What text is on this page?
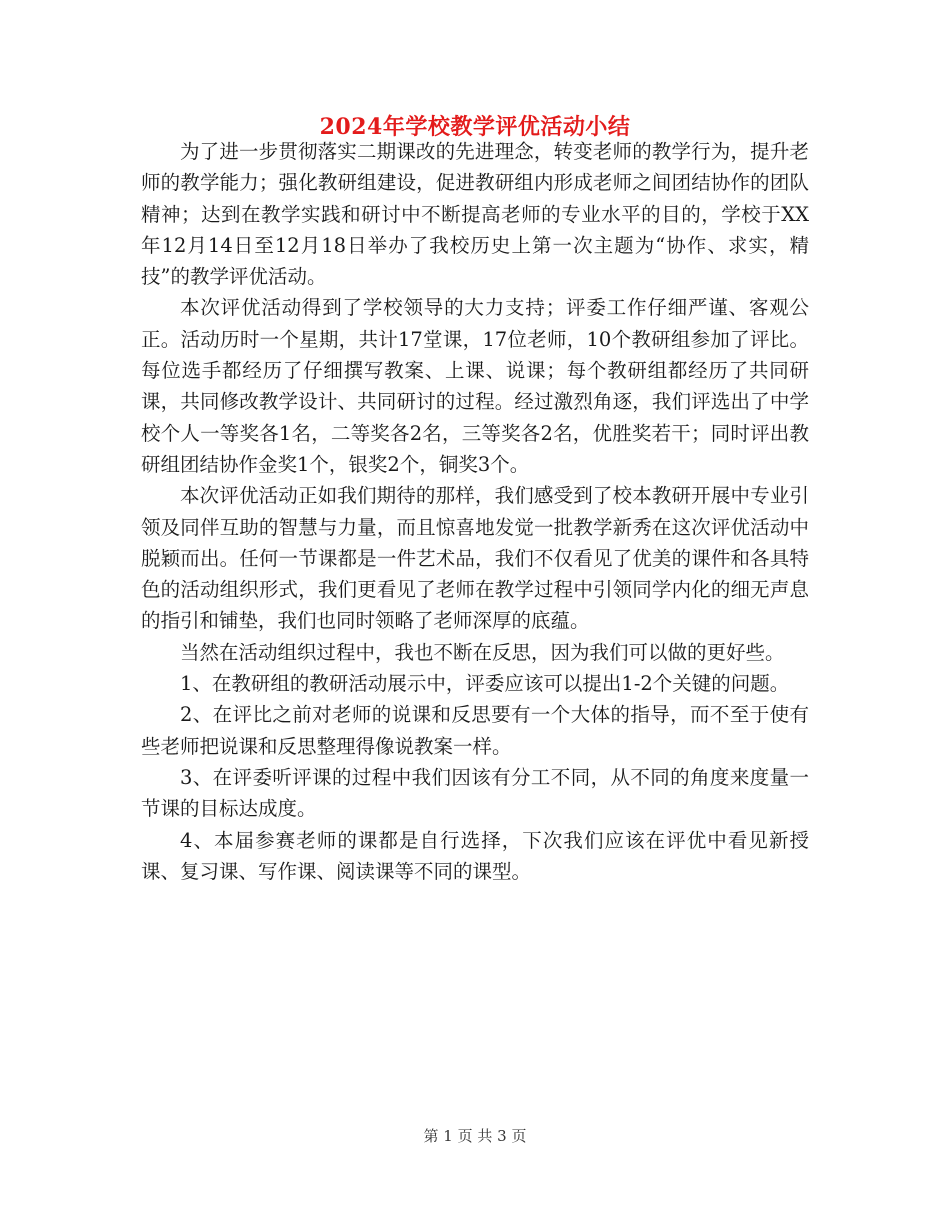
2024年学校教学评优活动小结

为了进一步贯彻落实二期课改的先进理念，转变老师的教学行为，提升老师的教学能力；强化教研组建设，促进教研组内形成老师之间团结协作的团队精神；达到在教学实践和研讨中不断提高老师的专业水平的目的，学校于XX年12月14日至12月18日举办了我校历史上第一次主题为“协作、求实，精技”的教学评优活动。

本次评优活动得到了学校领导的大力支持；评委工作仔细严谨、客观公正。活动历时一个星期，共计17堂课，17位老师，10个教研组参加了评比。每位选手都经历了仔细撰写教案、上课、说课；每个教研组都经历了共同研课，共同修改教学设计、共同研讨的过程。经过激烈角逐，我们评选出了中学校个人一等奖各1名，二等奖各2名，三等奖各2名，优胜奖若干；同时评出教研组团结协作金奖1个，银奖2个，铜奖3个。

本次评优活动正如我们期待的那样，我们感受到了校本教研开展中专业引领及同伴互助的智慧与力量，而且惊喜地发觉一批教学新秀在这次评优活动中脱颖而出。任何一节课都是一件艺术品，我们不仅看见了优美的课件和各具特色的活动组织形式，我们更看见了老师在教学过程中引领同学内化的细无声息的指引和铺垫，我们也同时领略了老师深厚的底蕴。

当然在活动组织过程中，我也不断在反思，因为我们可以做的更好些。

1、在教研组的教研活动展示中，评委应该可以提出1-2个关键的问题。

2、在评比之前对老师的说课和反思要有一个大体的指导，而不至于使有些老师把说课和反思整理得像说教案一样。

3、在评委听评课的过程中我们因该有分工不同，从不同的角度来度量一节课的目标达成度。

4、本届参赛老师的课都是自行选择，下次我们应该在评优中看见新授课、复习课、写作课、阅读课等不同的课型。

第 1 页 共 3 页
